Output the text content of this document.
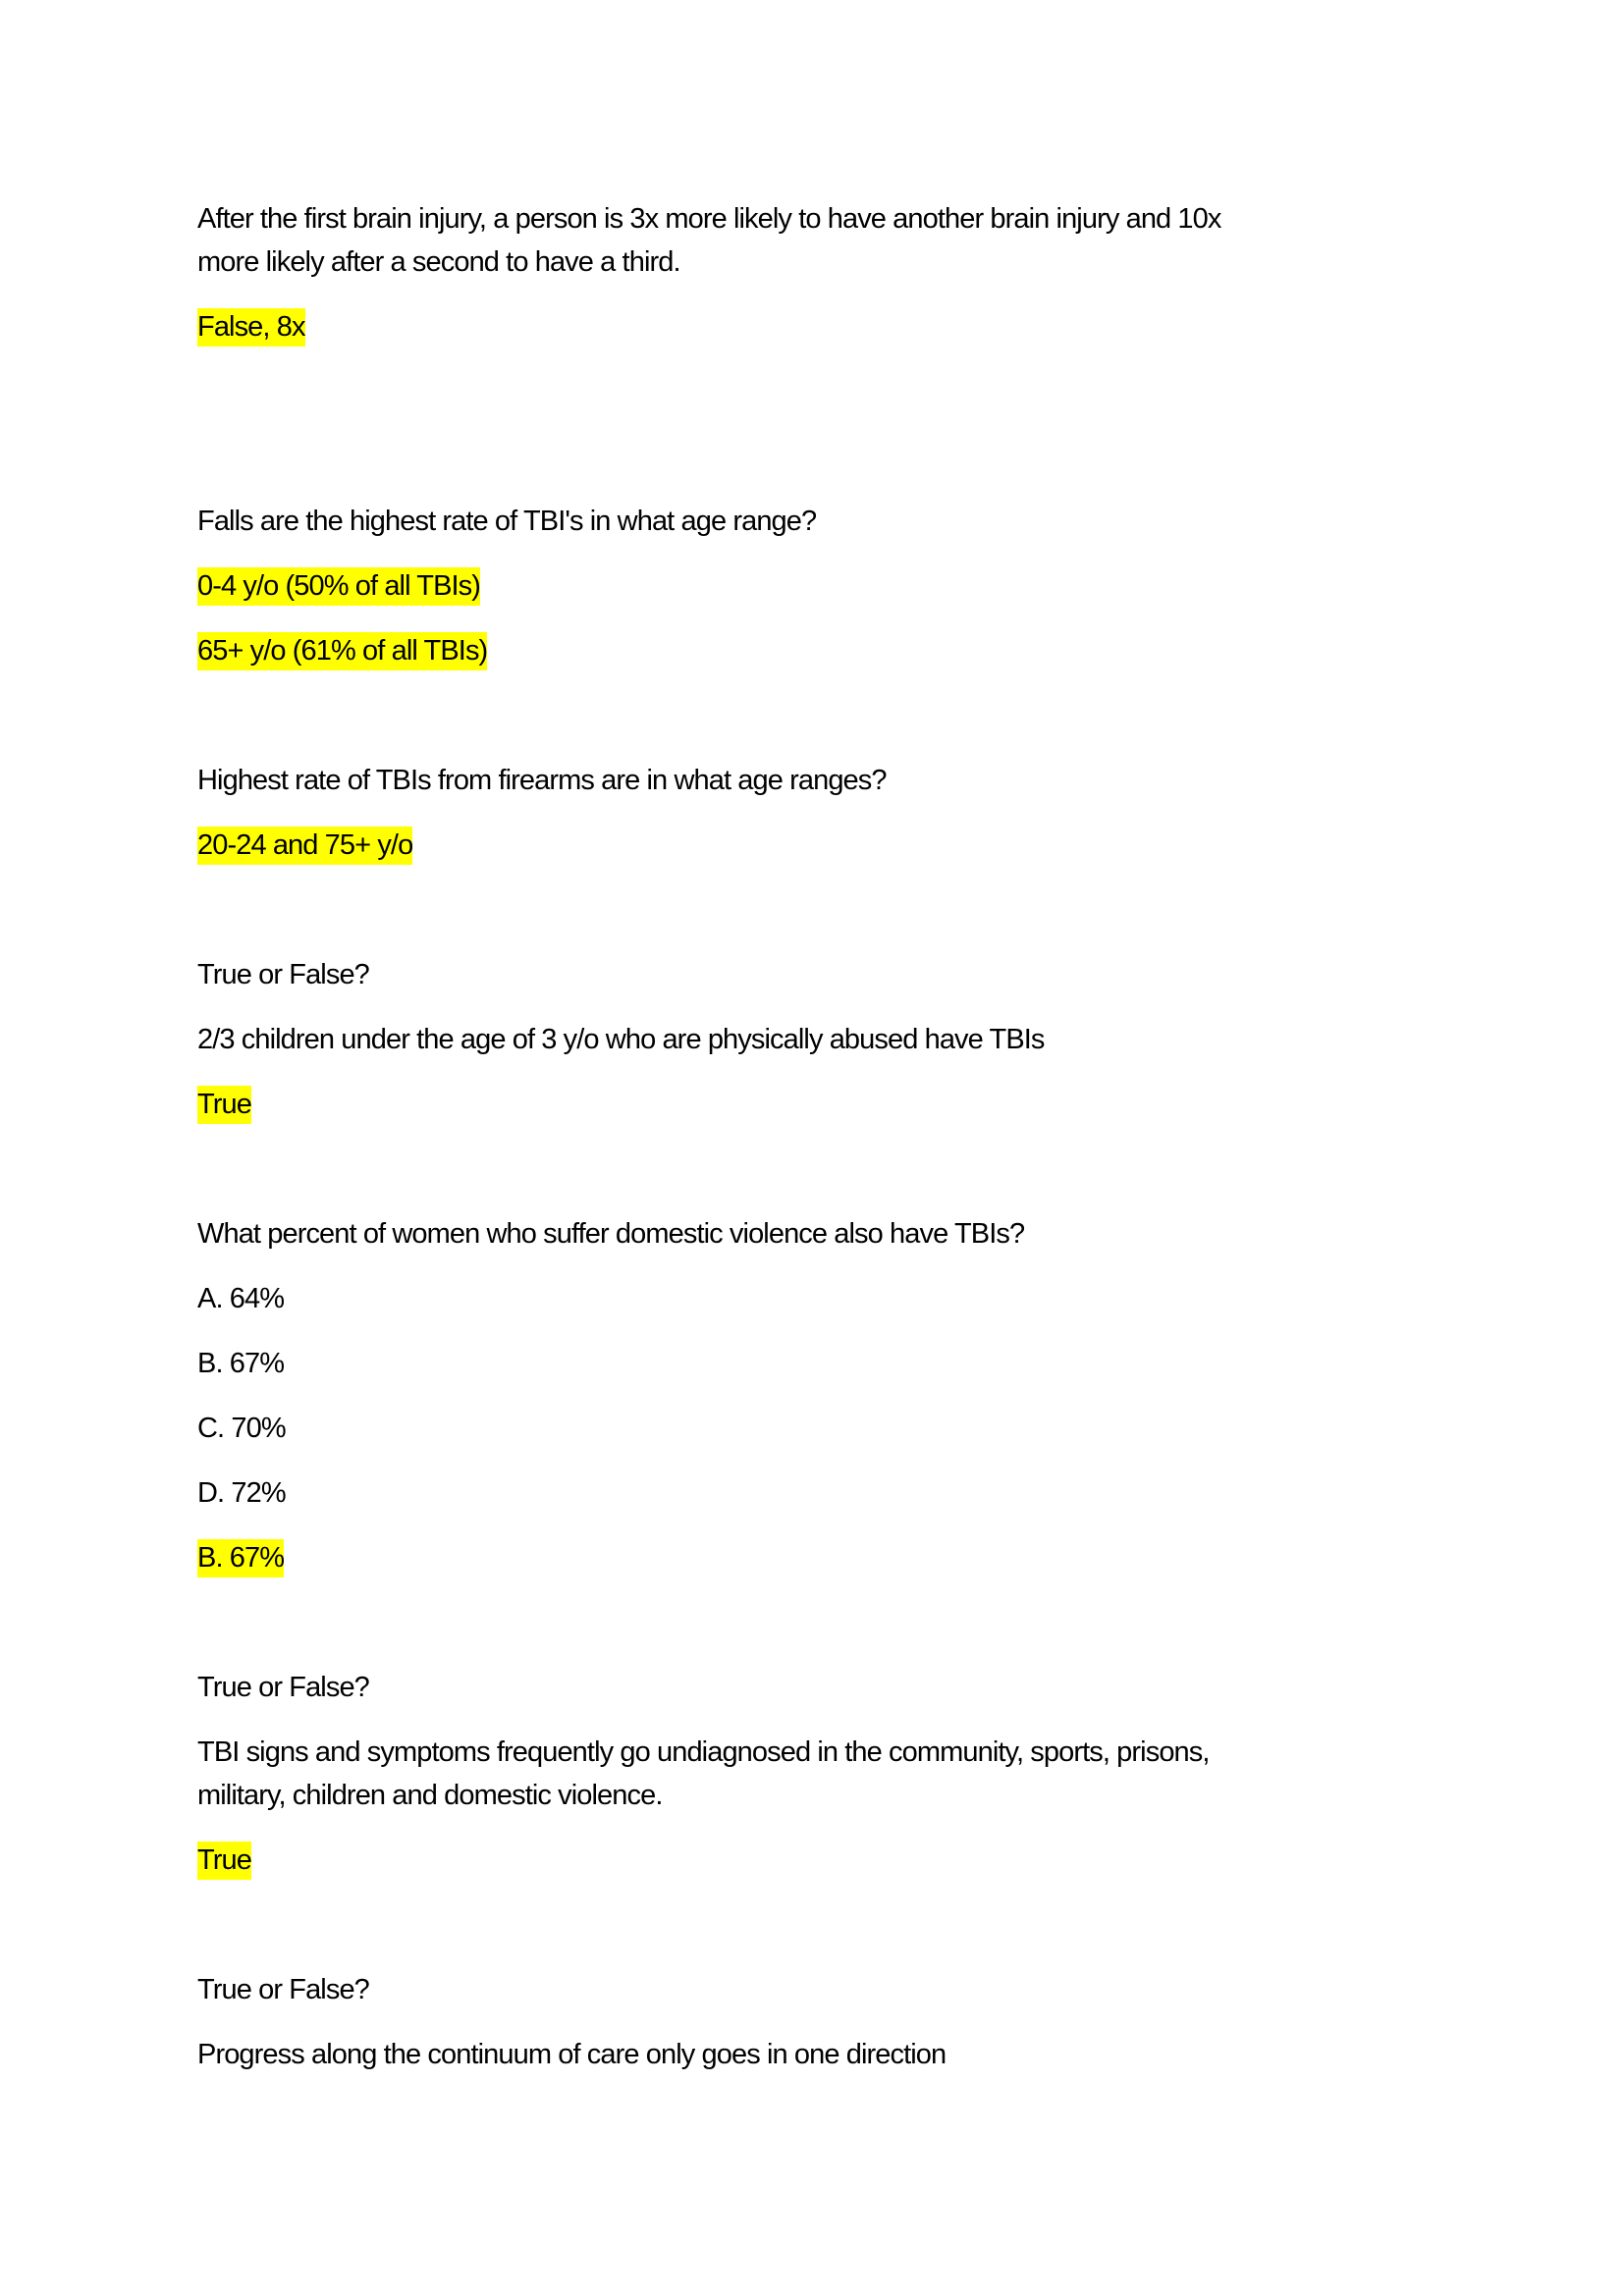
After the first brain injury, a person is 3x more likely to have another brain injury and 10x
more likely after a second to have a third.

False, 8x

Falls are the highest rate of TBI's in what age range?

0-4 y/o (50% of all TBIs)

65+ y/o (61% of all TBIs)

Highest rate of TBIs from firearms are in what age ranges?

20-24 and 75+ y/o

True or False?

2/3 children under the age of 3 y/o who are physically abused have TBIs

True

What percent of women who suffer domestic violence also have TBIs?

A. 64%

B. 67%

C. 70%

D. 72%

B. 67%

True or False?

TBI signs and symptoms frequently go undiagnosed in the community, sports, prisons,
military, children and domestic violence.

True

True or False?

Progress along the continuum of care only goes in one direction
